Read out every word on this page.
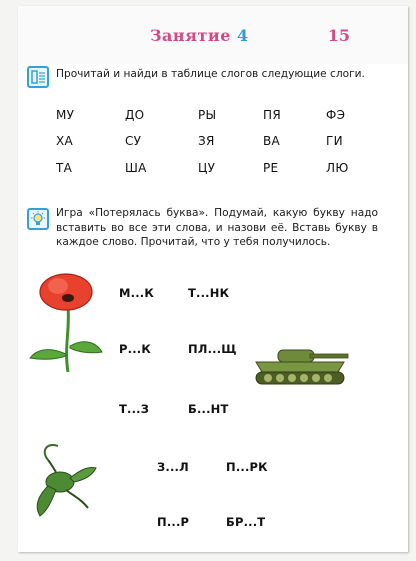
Занятие 4	15
Прочитай и найди в таблице слогов следующие слоги.
МУ	ДО	РЫ	ПЯ	ФЭ
ХА	СУ	ЗЯ	ВА	ГИ
ТА	ША	ЦУ	РЕ	ЛЮ
Игра «Потерялась буква». Подумай, какую букву надо вставить во все эти слова, и назови её. Вставь букву в каждое слово. Прочитай, что у тебя получилось.
М...К	Т...НК
Р...К	ПЛ...Щ
Т...З	Б...НТ
З...Л	П...РК
П...Р	БР...Т
